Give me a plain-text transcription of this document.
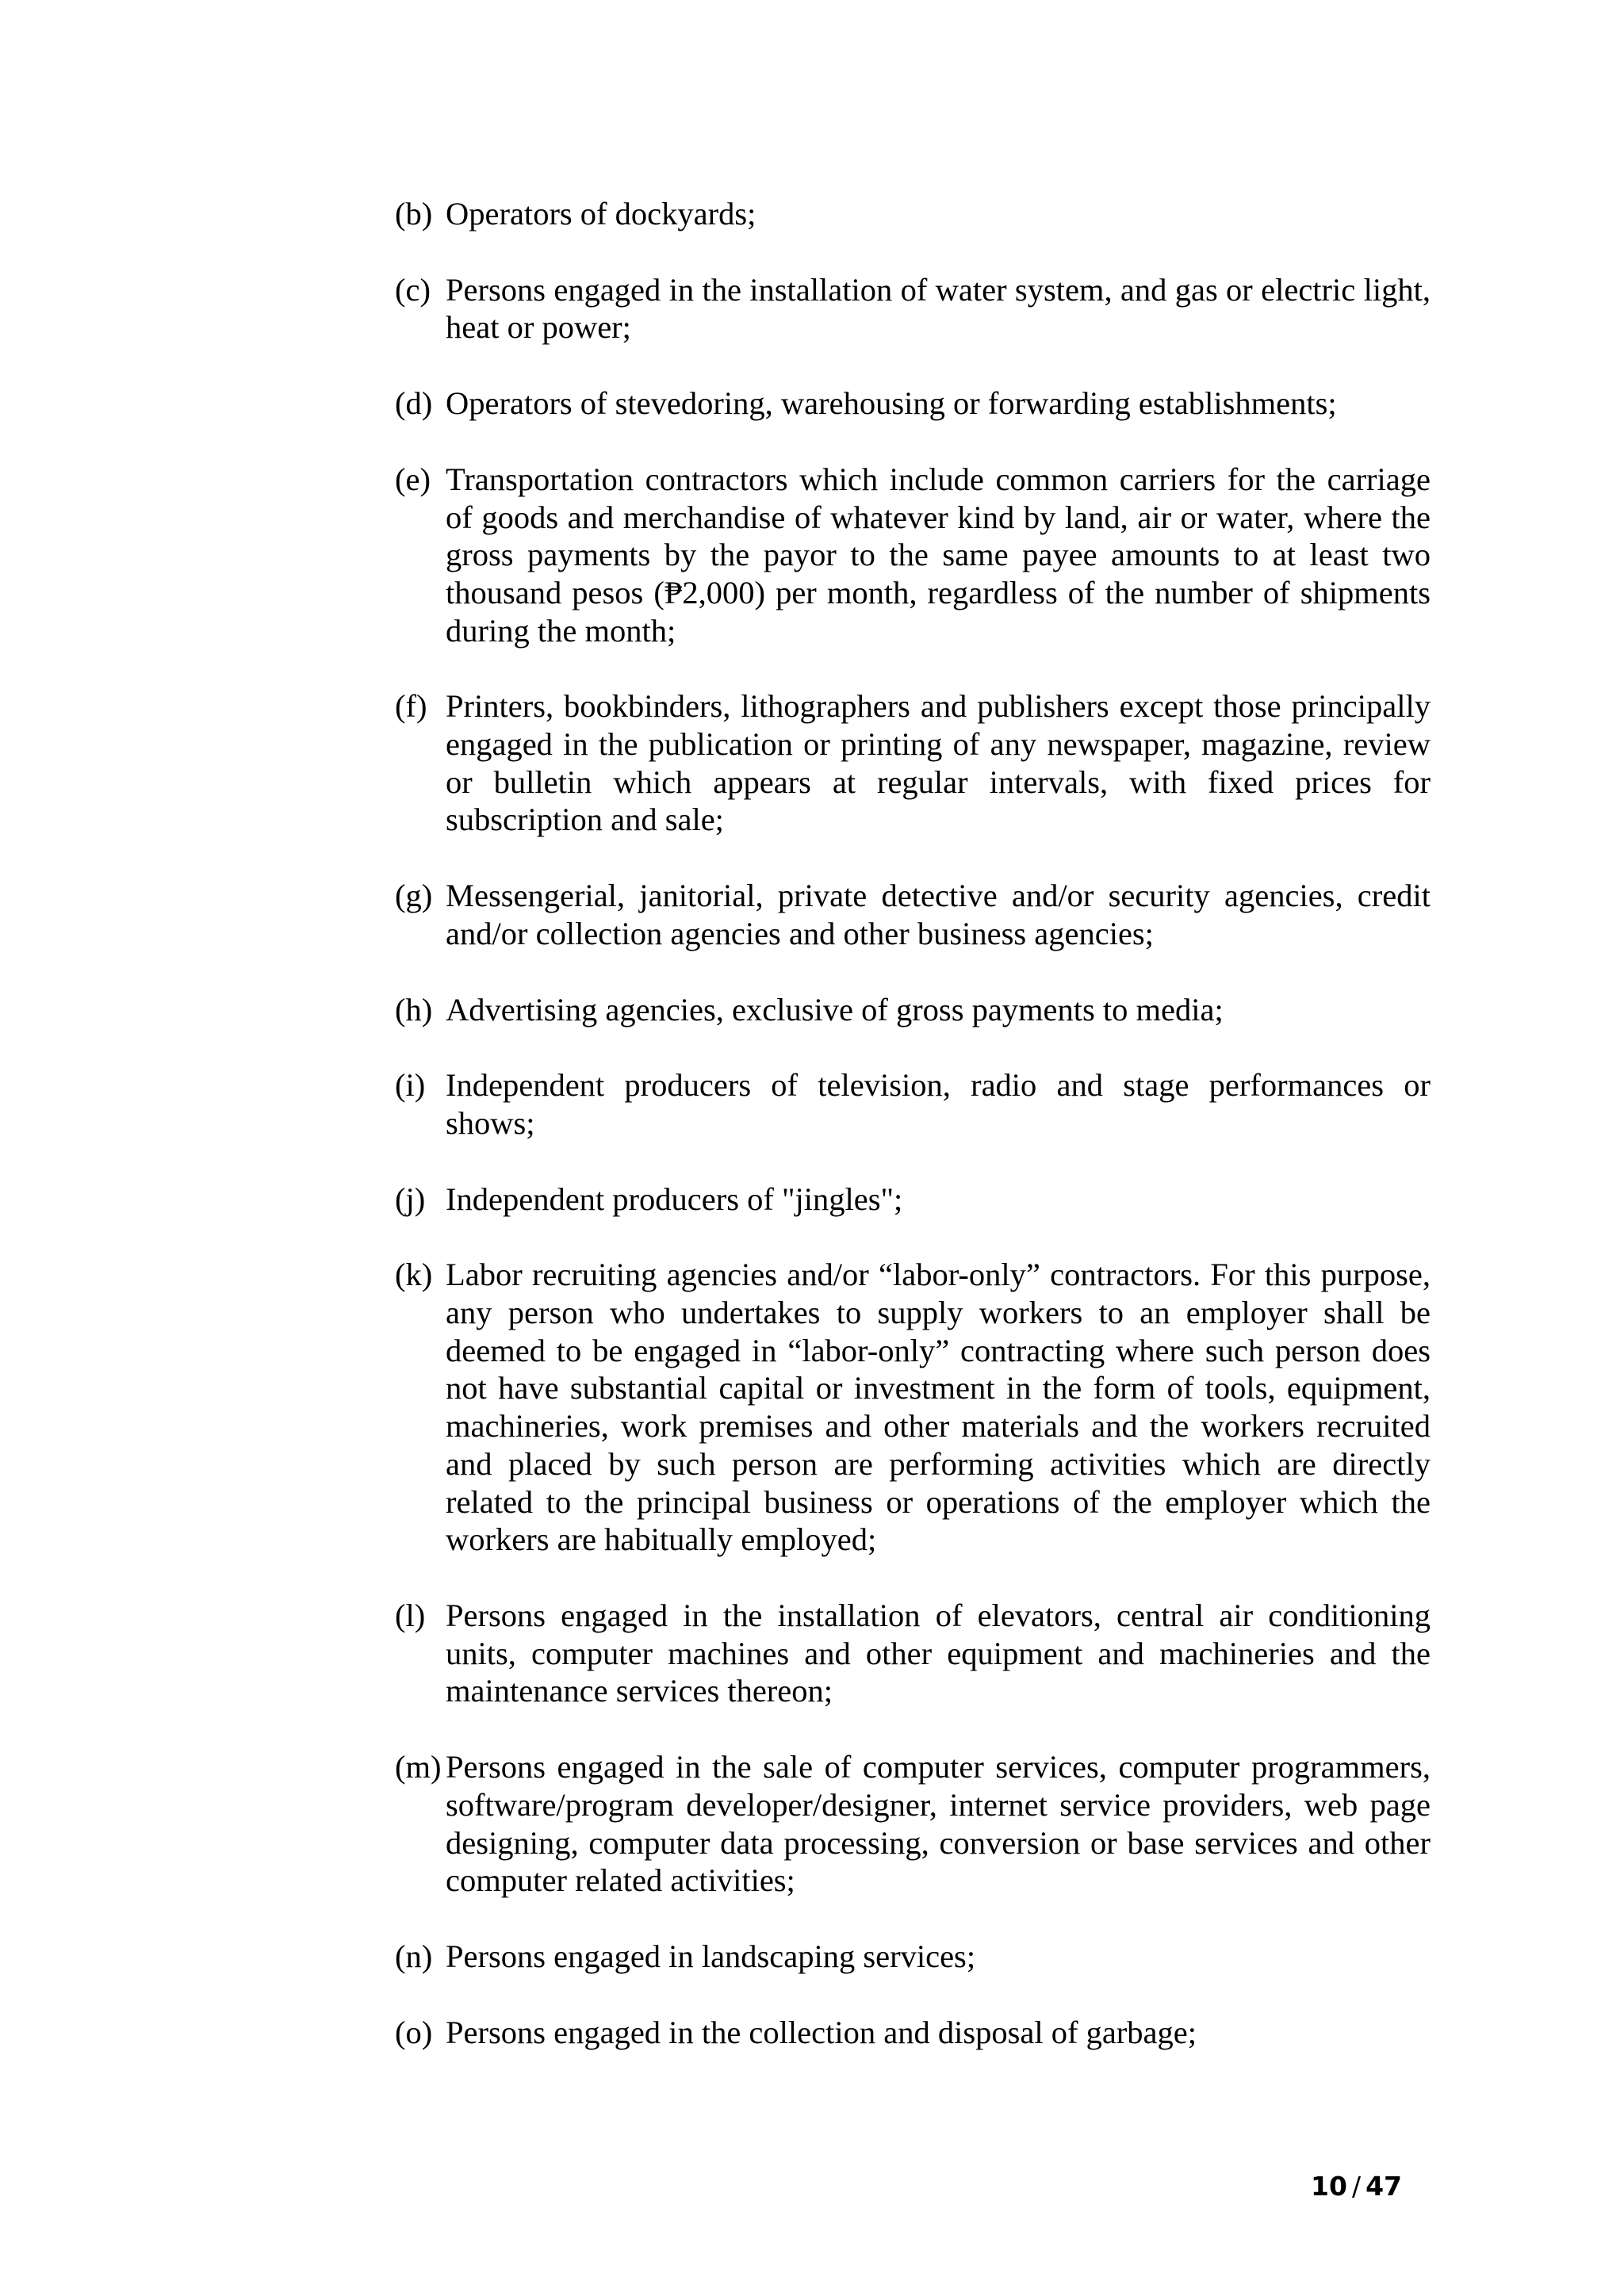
(b) Operators of dockyards;
(c) Persons engaged in the installation of water system, and gas or electric light, heat or power;
(d) Operators of stevedoring, warehousing or forwarding establishments;
(e) Transportation contractors which include common carriers for the carriage of goods and merchandise of whatever kind by land, air or water, where the gross payments by the payor to the same payee amounts to at least two thousand pesos (₱2,000) per month, regardless of the number of shipments during the month;
(f) Printers, bookbinders, lithographers and publishers except those principally engaged in the publication or printing of any newspaper, magazine, review or bulletin which appears at regular intervals, with fixed prices for subscription and sale;
(g) Messengerial, janitorial, private detective and/or security agencies, credit and/or collection agencies and other business agencies;
(h) Advertising agencies, exclusive of gross payments to media;
(i) Independent producers of television, radio and stage performances or shows;
(j) Independent producers of "jingles";
(k) Labor recruiting agencies and/or “labor-only” contractors. For this purpose, any person who undertakes to supply workers to an employer shall be deemed to be engaged in “labor-only” contracting where such person does not have substantial capital or investment in the form of tools, equipment, machineries, work premises and other materials and the workers recruited and placed by such person are performing activities which are directly related to the principal business or operations of the employer which the workers are habitually employed;
(l) Persons engaged in the installation of elevators, central air conditioning units, computer machines and other equipment and machineries and the maintenance services thereon;
(m) Persons engaged in the sale of computer services, computer programmers, software/program developer/designer, internet service providers, web page designing, computer data processing, conversion or base services and other computer related activities;
(n) Persons engaged in landscaping services;
(o) Persons engaged in the collection and disposal of garbage;
10 / 47
